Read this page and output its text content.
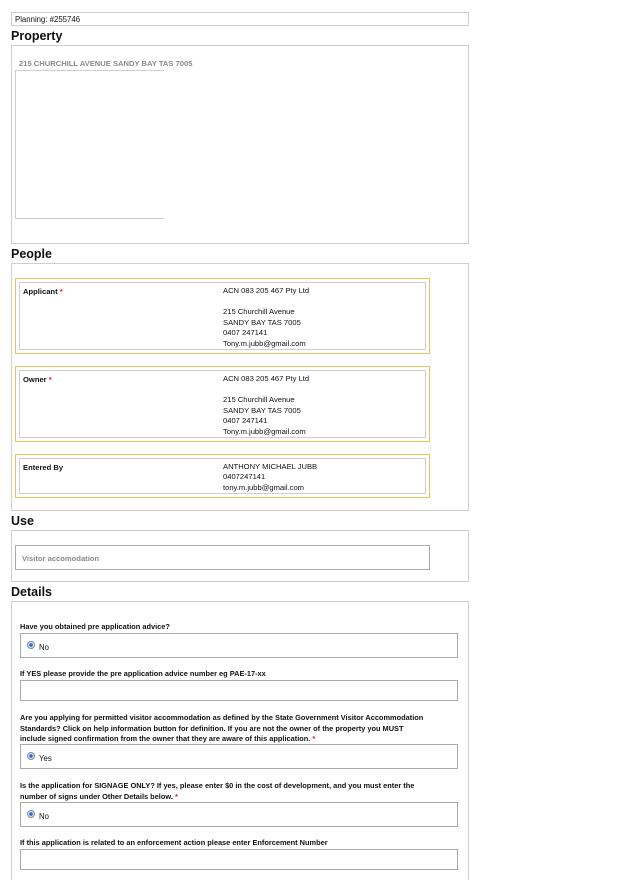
Planning: #255746
Property
215 CHURCHILL AVENUE SANDY BAY TAS 7005
People
Applicant *	ACN 083 205 467 Pty Ltd
215 Churchill Avenue
SANDY BAY TAS 7005
0407 247141
Tony.m.jubb@gmail.com
Owner *	ACN 083 205 467 Pty Ltd
215 Churchill Avenue
SANDY BAY TAS 7005
0407 247141
Tony.m.jubb@gmail.com
Entered By	ANTHONY MICHAEL JUBB
0407247141
tony.m.jubb@gmail.com
Use
Visitor accomodation
Details
Have you obtained pre application advice?
No
If YES please provide the pre application advice number eg PAE-17-xx
Are you applying for permitted visitor accommodation as defined by the State Government Visitor Accommodation
Standards? Click on help information button for definition. If you are not the owner of the property you MUST
include signed confirmation from the owner that they are aware of this application. *
Yes
Is the application for SIGNAGE ONLY? If yes, please enter $0 in the cost of development, and you must enter the
number of signs under Other Details below. *
No
If this application is related to an enforcement action please enter Enforcement Number
